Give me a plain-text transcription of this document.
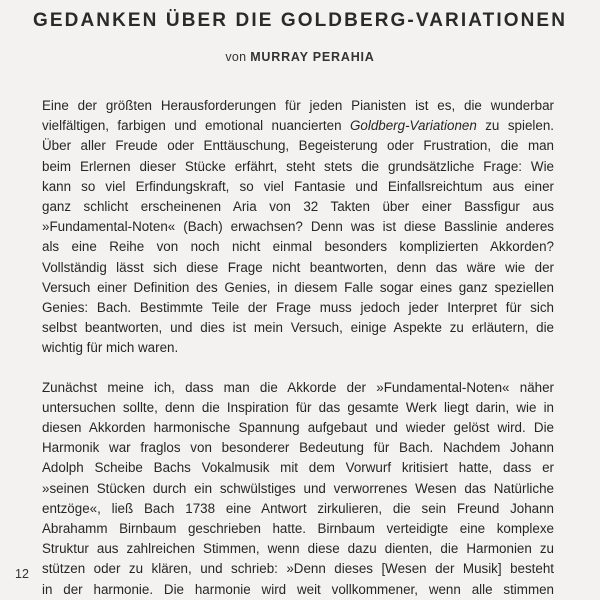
GEDANKEN ÜBER DIE GOLDBERG-VARIATIONEN
von MURRAY PERAHIA

Eine der größten Herausforderungen für jeden Pianisten ist es, die wunderbar
vielfältigen, farbigen und emotional nuancierten Goldberg-Variationen zu spielen.
Über aller Freude oder Enttäuschung, Begeisterung oder Frustration, die man
beim Erlernen dieser Stücke erfährt, steht stets die grundsätzliche Frage: Wie
kann so viel Erfindungskraft, so viel Fantasie und Einfallsreichtum aus einer
ganz schlicht erscheinenen Aria von 32 Takten über einer Bassfigur aus
»Fundamental-Noten« (Bach) erwachsen? Denn was ist diese Basslinie anderes
als eine Reihe von noch nicht einmal besonders komplizierten Akkorden?
Vollständig lässt sich diese Frage nicht beantworten, denn das wäre wie der
Versuch einer Definition des Genies, in diesem Falle sogar eines ganz speziellen
Genies: Bach. Bestimmte Teile der Frage muss jedoch jeder Interpret für sich
selbst beantworten, und dies ist mein Versuch, einige Aspekte zu erläutern, die
wichtig für mich waren.

Zunächst meine ich, dass man die Akkorde der »Fundamental-Noten« näher
untersuchen sollte, denn die Inspiration für das gesamte Werk liegt darin, wie in
diesen Akkorden harmonische Spannung aufgebaut und wieder gelöst wird. Die
Harmonik war fraglos von besonderer Bedeutung für Bach. Nachdem Johann
Adolph Scheibe Bachs Vokalmusik mit dem Vorwurf kritisiert hatte, dass er
»seinen Stücken durch ein schwülstiges und verworrenes Wesen das Natürliche
entzöge«, ließ Bach 1738 eine Antwort zirkulieren, die sein Freund Johann
Abrahamm Birnbaum geschrieben hatte. Birnbaum verteidigte eine komplexe
Struktur aus zahlreichen Stimmen, wenn diese dazu dienten, die Harmonien zu
stützen oder zu klären, und schrieb: »Denn dieses [Wesen der Musik] besteht
in der harmonie. Die harmonie wird weit vollkommener, wenn alle stimmen

12
